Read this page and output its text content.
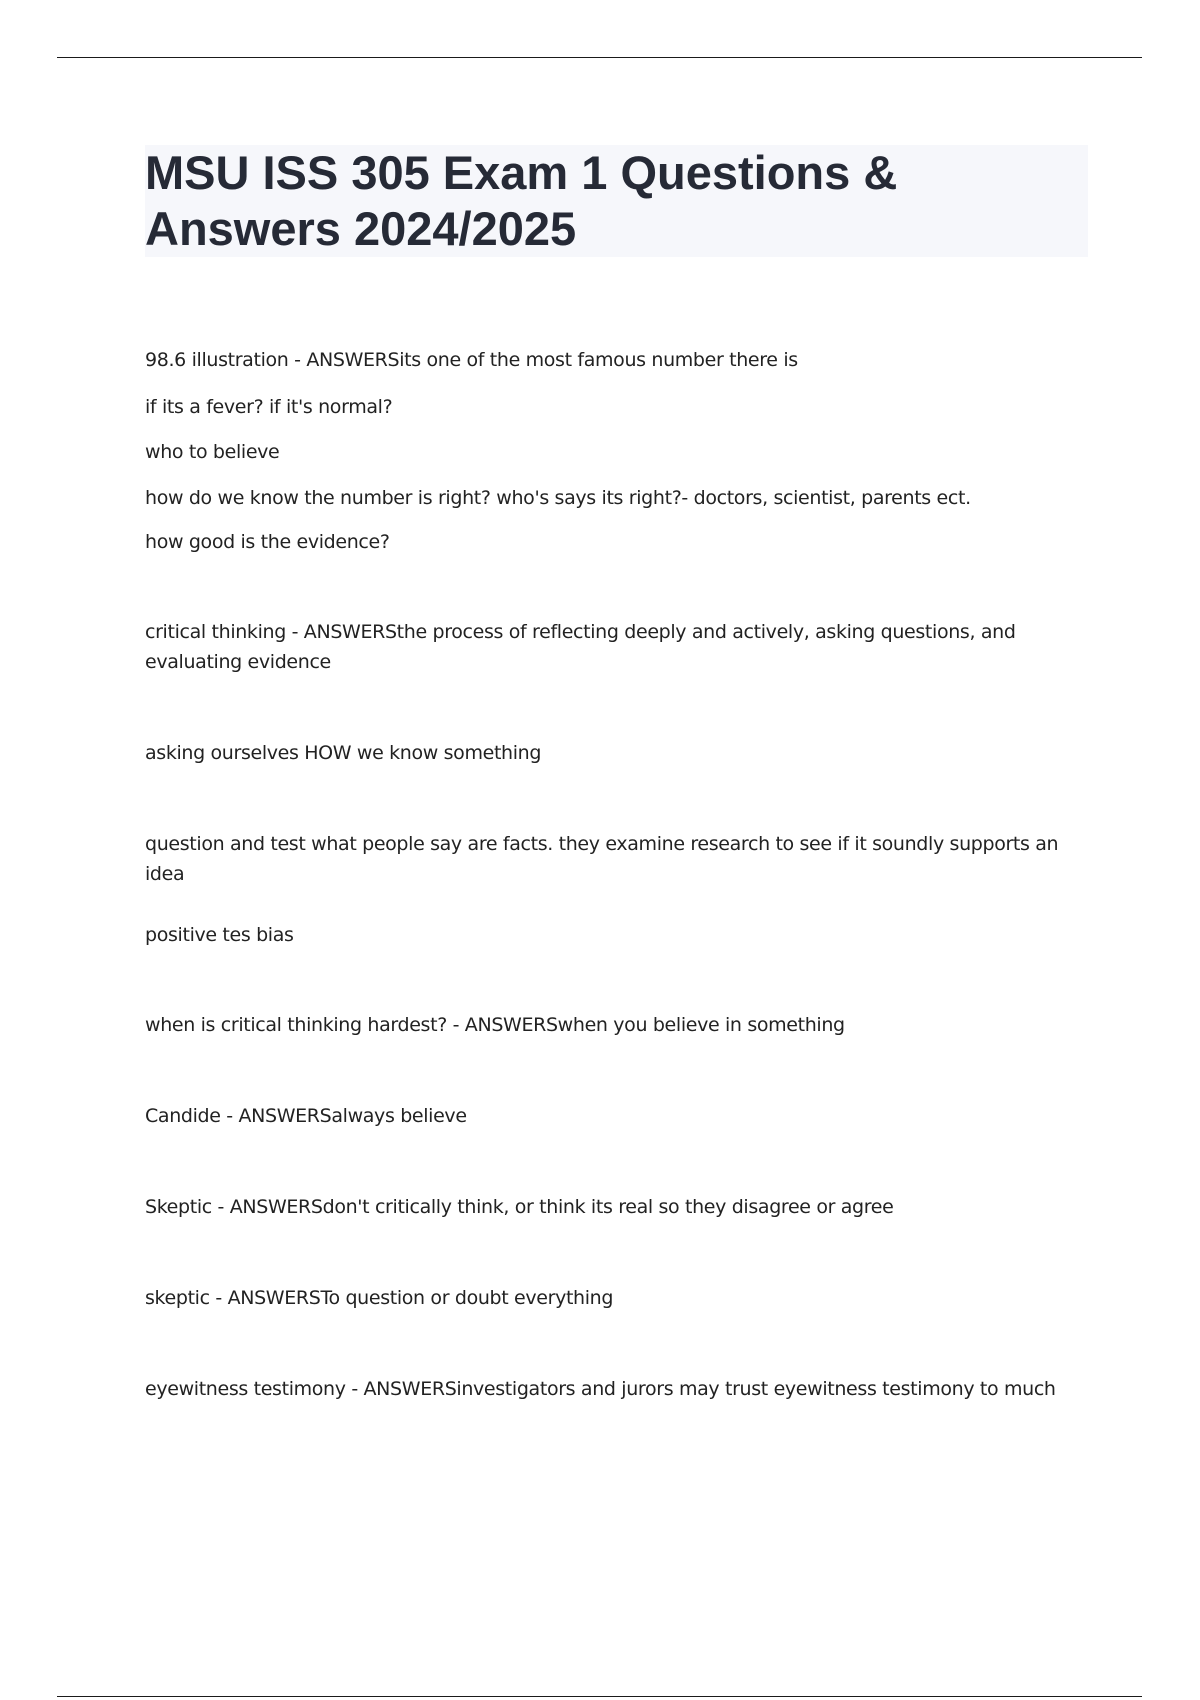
MSU ISS 305 Exam 1 Questions &
Answers 2024/2025

98.6 illustration - ANSWERSits one of the most famous number there is

if its a fever? if it's normal?

who to believe

how do we know the number is right? who's says its right?- doctors, scientist, parents ect.

how good is the evidence?

critical thinking - ANSWERSthe process of reflecting deeply and actively, asking questions, and evaluating evidence

asking ourselves HOW we know something

question and test what people say are facts. they examine research to see if it soundly supports an idea

positive tes bias

when is critical thinking hardest? - ANSWERSwhen you believe in something

Candide - ANSWERSalways believe

Skeptic - ANSWERSdon't critically think, or think its real so they disagree or agree

skeptic - ANSWERSTo question or doubt everything

eyewitness testimony - ANSWERSinvestigators and jurors may trust eyewitness testimony to much
